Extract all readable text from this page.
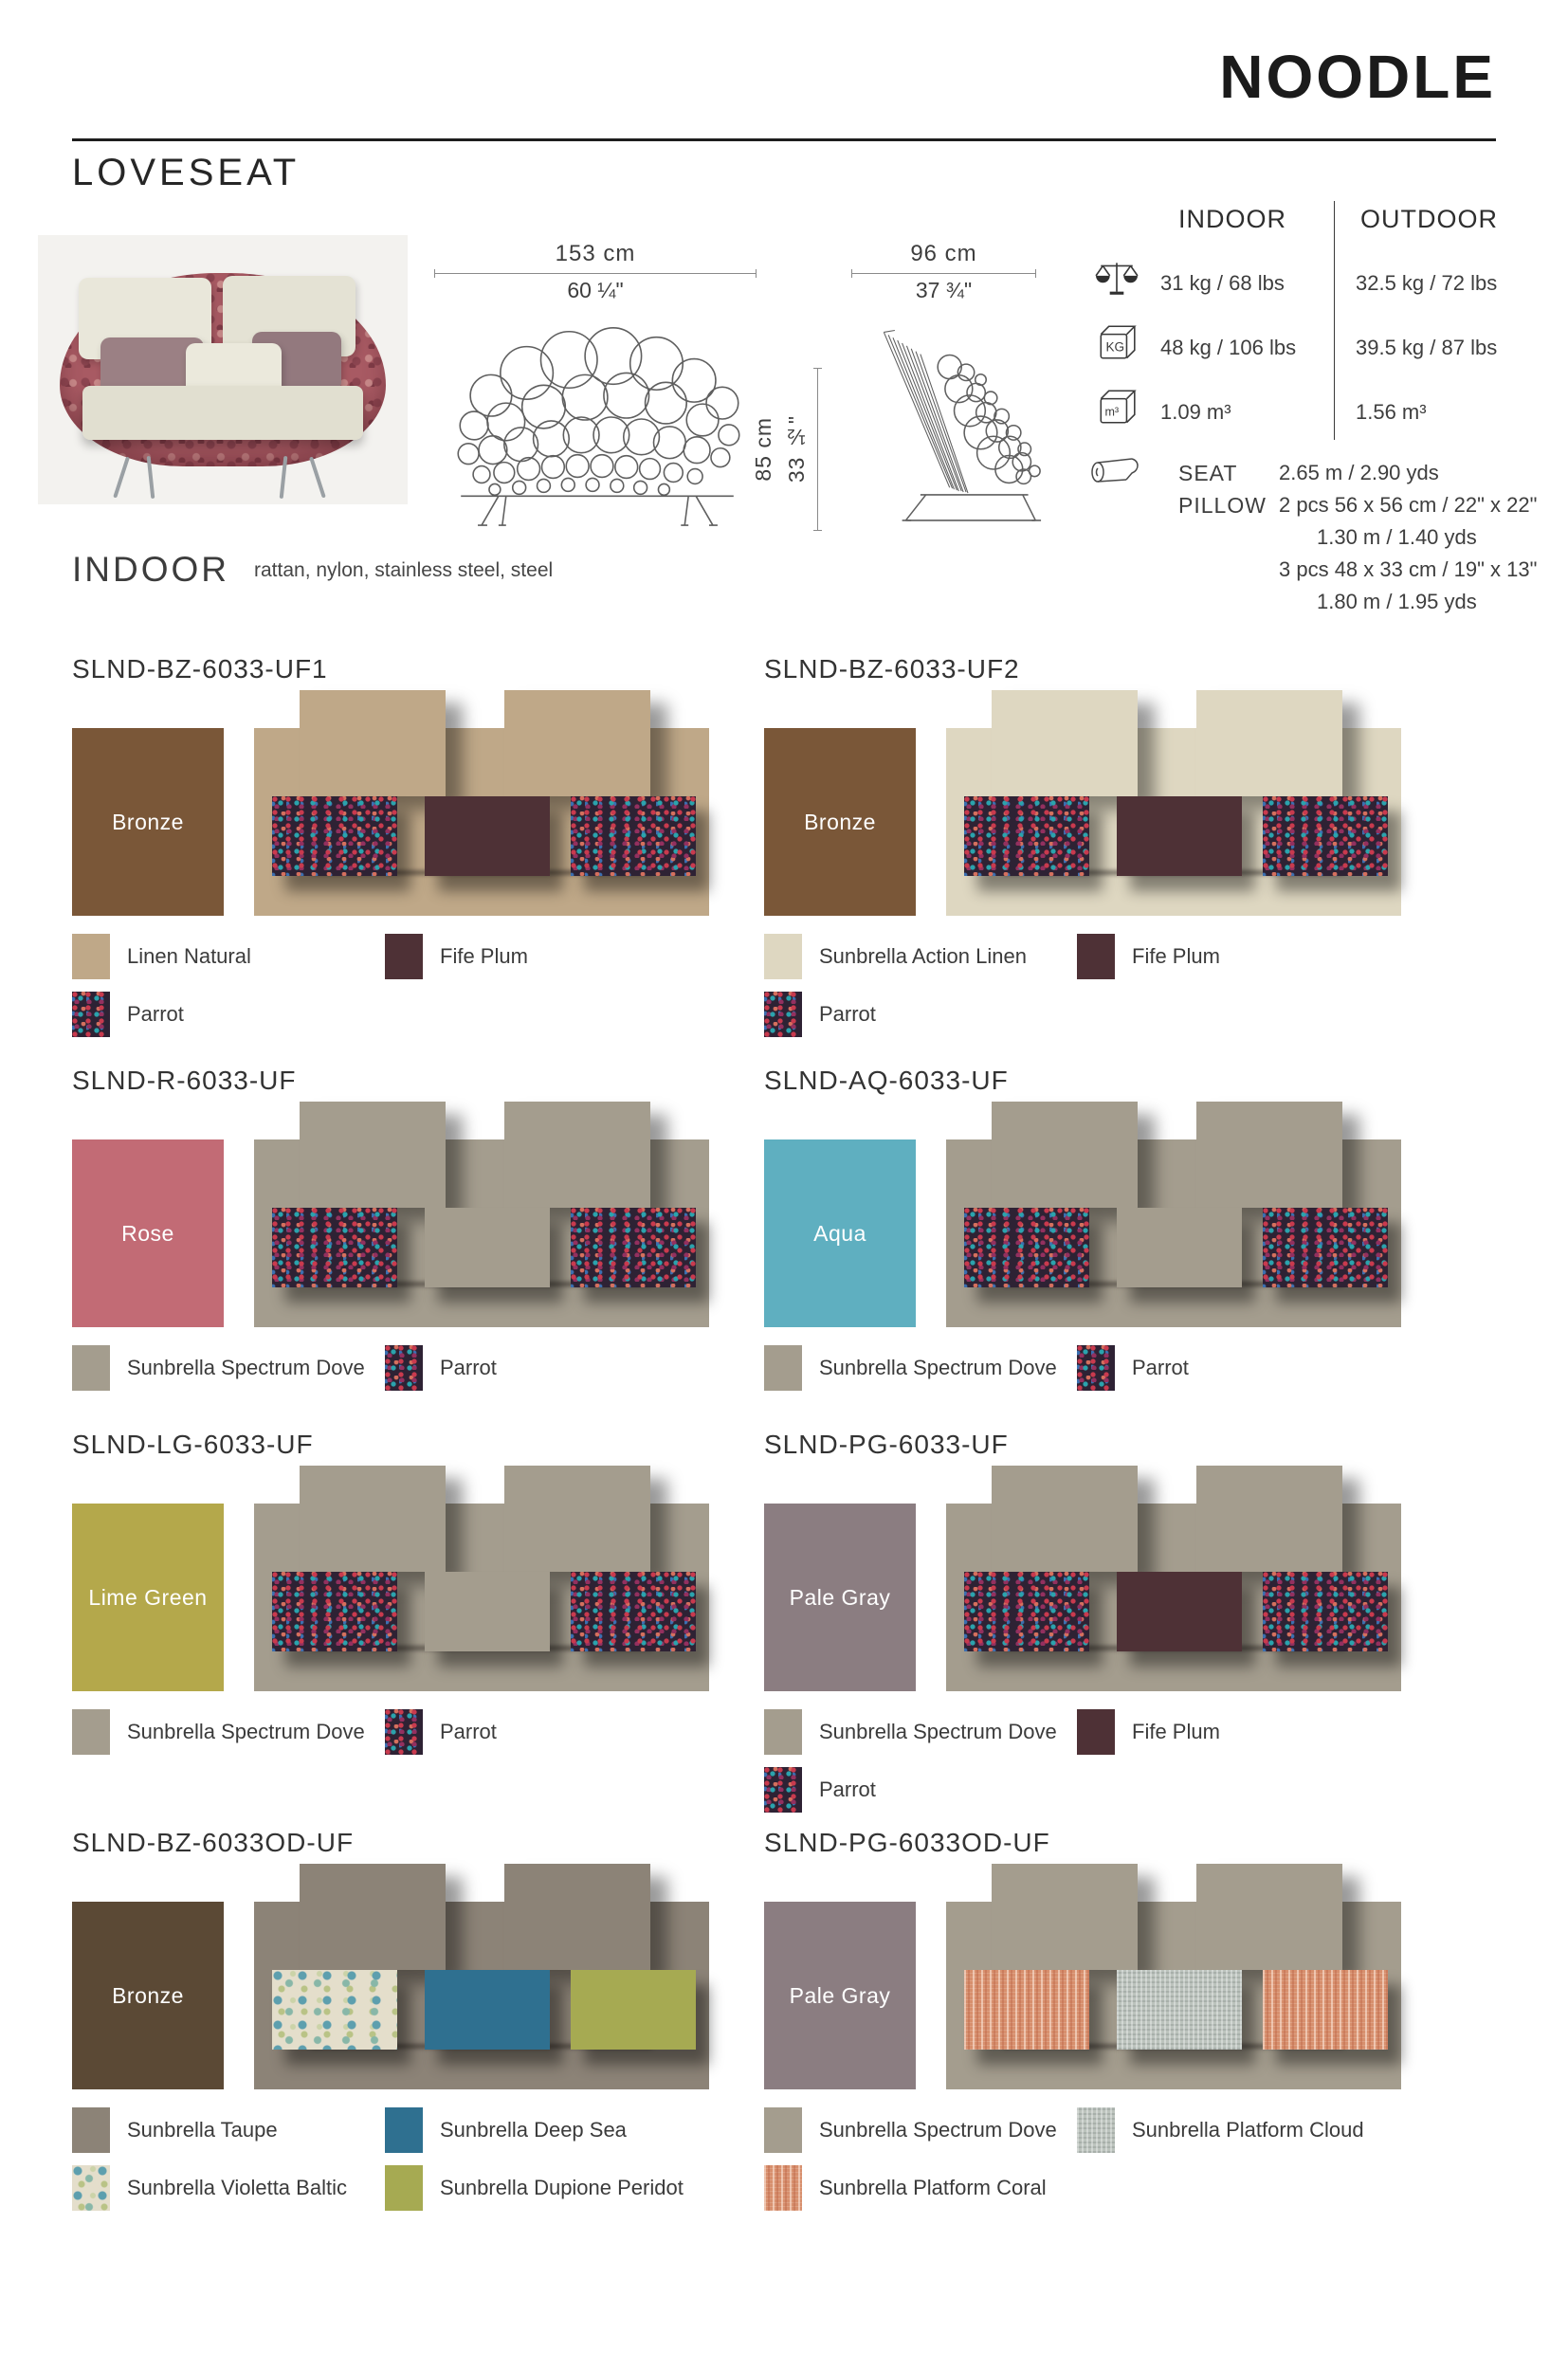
NOODLE
LOVESEAT
153 cm
60 ¼"
96 cm
37 ¾"
85 cm 33 ½"
INDOOR	OUTDOOR
31 kg / 68 lbs	32.5 kg / 72 lbs
KG 48 kg / 106 lbs	39.5 kg / 87 lbs
m³ 1.09 m³	1.56 m³
SEAT 2.65 m / 2.90 yds
PILLOW 2 pcs 56 x 56 cm / 22" x 22"
1.30 m / 1.40 yds
3 pcs 48 x 33 cm / 19" x 13"
1.80 m / 1.95 yds
INDOOR rattan, nylon, stainless steel, steel
SLND-BZ-6033-UF1
Bronze
Linen Natural	Fife Plum
Parrot
SLND-BZ-6033-UF2
Bronze
Sunbrella Action Linen	Fife Plum
Parrot
SLND-R-6033-UF
Rose
Sunbrella Spectrum Dove	Parrot
SLND-AQ-6033-UF
Aqua
Sunbrella Spectrum Dove	Parrot
SLND-LG-6033-UF
Lime Green
Sunbrella Spectrum Dove	Parrot
SLND-PG-6033-UF
Pale Gray
Sunbrella Spectrum Dove	Fife Plum
Parrot
SLND-BZ-6033OD-UF
Bronze
Sunbrella Taupe	Sunbrella Deep Sea
Sunbrella Violetta Baltic	Sunbrella Dupione Peridot
SLND-PG-6033OD-UF
Pale Gray
Sunbrella Spectrum Dove	Sunbrella Platform Cloud
Sunbrella Platform Coral
